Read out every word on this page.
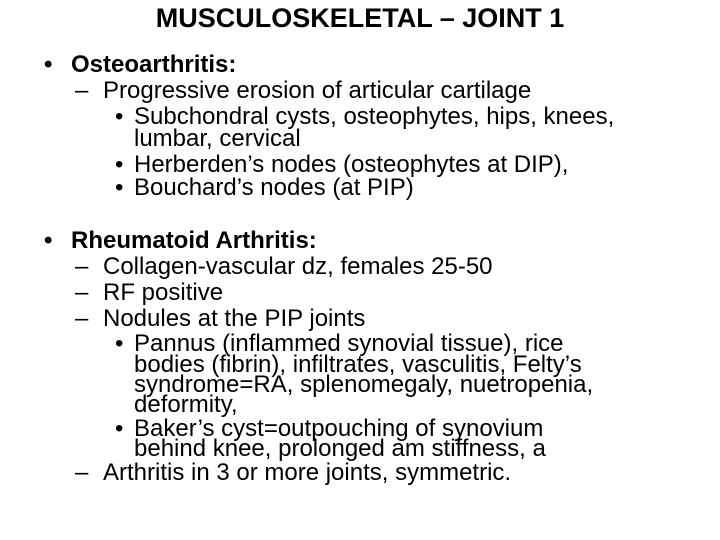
MUSCULOSKELETAL – JOINT 1
• Osteoarthritis:
– Progressive erosion of articular cartilage
• Subchondral cysts, osteophytes, hips, knees,
lumbar, cervical
• Herberden’s nodes (osteophytes at DIP),
• Bouchard’s nodes (at PIP)
• Rheumatoid Arthritis:
– Collagen-vascular dz, females 25-50
– RF positive
– Nodules at the PIP joints
• Pannus (inflammed synovial tissue), rice
bodies (fibrin), infiltrates, vasculitis, Felty’s
syndrome=RA, splenomegaly, nuetropenia,
deformity,
• Baker’s cyst=outpouching of synovium
behind knee, prolonged am stiffness, a
– Arthritis in 3 or more joints, symmetric.
